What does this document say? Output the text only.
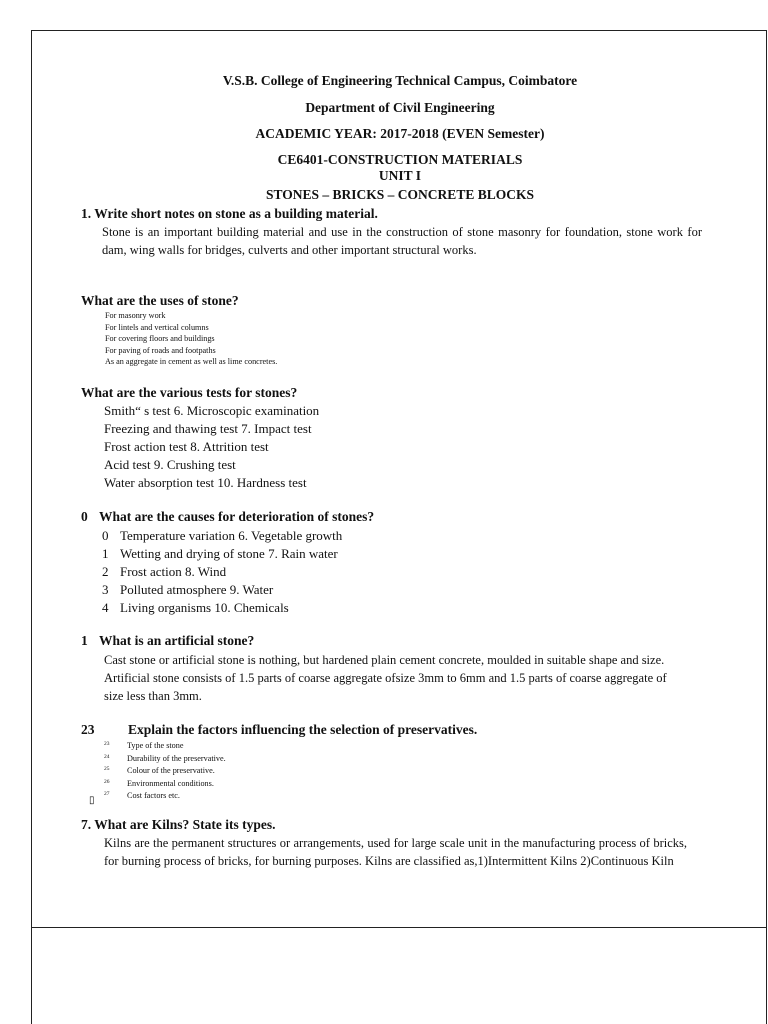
V.S.B. College of Engineering Technical Campus, Coimbatore
Department of Civil Engineering
ACADEMIC YEAR: 2017-2018 (EVEN Semester)
CE6401-CONSTRUCTION MATERIALS
UNIT I
STONES – BRICKS – CONCRETE BLOCKS
1. Write short notes on stone as a building material.
Stone is an important building material and use in the construction of stone masonry for foundation, stone work for dam, wing walls for bridges, culverts and other important structural works.
What are the uses of stone?
For masonry work
For lintels and vertical columns
For covering floors and buildings
For paving of roads and footpaths
As an aggregate in cement as well as lime concretes.
What are the various tests for stones?
Smith“ s test 6. Microscopic examination
Freezing and thawing test 7. Impact test
Frost action test 8. Attrition test
Acid test 9. Crushing test
Water absorption test 10. Hardness test
0 What are the causes for deterioration of stones?
0 Temperature variation 6. Vegetable growth
1 Wetting and drying of stone 7. Rain water
2 Frost action 8. Wind
3 Polluted atmosphere 9. Water
4 Living organisms 10. Chemicals
1 What is an artificial stone?
Cast stone or artificial stone is nothing, but hardened plain cement concrete, moulded in suitable shape and size. Artificial stone consists of 1.5 parts of coarse aggregate ofsize 3mm to 6mm and 1.5 parts of coarse aggregate of size less than 3mm.
23 Explain the factors influencing the selection of preservatives.
23 Type of the stone
24 Durability of the preservative.
25 Colour of the preservative.
26 Environmental conditions.
27 Cost factors etc.
▯
7. What are Kilns? State its types.
Kilns are the permanent structures or arrangements, used for large scale unit in the manufacturing process of bricks, for burning process of bricks, for burning purposes. Kilns are classified as,1)Intermittent Kilns 2)Continuous Kiln
